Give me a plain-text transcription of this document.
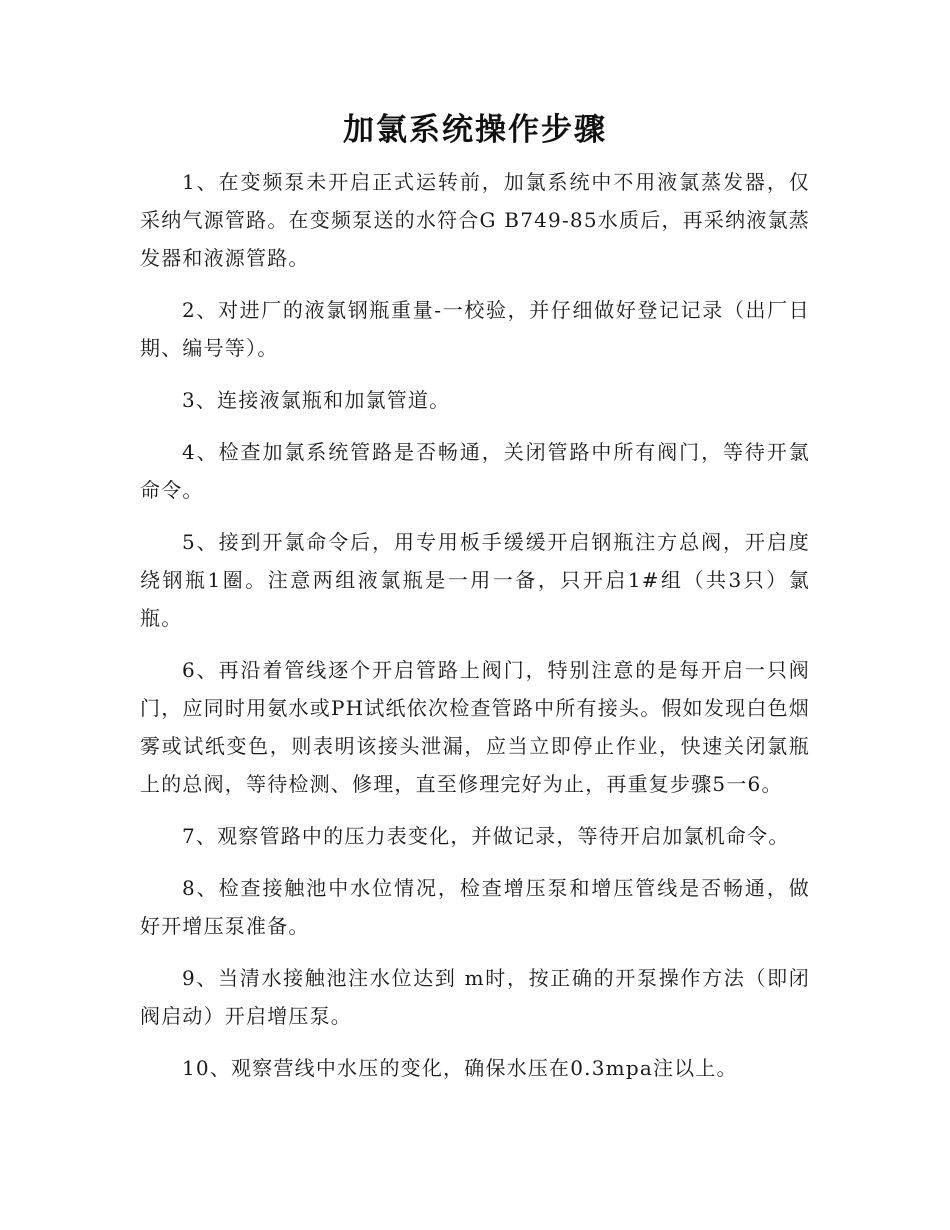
加氯系统操作步骤

1、在变频泵未开启正式运转前，加氯系统中不用液氯蒸发器，仅采纳气源管路。在变频泵送的水符合G B749-85水质后，再采纳液氯蒸发器和液源管路。

2、对进厂的液氯钢瓶重量-一校验，并仔细做好登记记录（出厂日期、编号等）。

3、连接液氯瓶和加氯管道。

4、检查加氯系统管路是否畅通，关闭管路中所有阀门，等待开氯命令。

5、接到开氯命令后，用专用板手缓缓开启钢瓶注方总阀，开启度绕钢瓶1圈。注意两组液氯瓶是一用一备，只开启1#组（共3只）氯瓶。

6、再沿着管线逐个开启管路上阀门，特别注意的是每开启一只阀门，应同时用氨水或PH试纸依次检查管路中所有接头。假如发现白色烟雾或试纸变色，则表明该接头泄漏，应当立即停止作业，快速关闭氯瓶上的总阀，等待检测、修理，直至修理完好为止，再重复步骤5一6。

7、观察管路中的压力表变化，并做记录，等待开启加氯机命令。

8、检查接触池中水位情况，检查增压泵和增压管线是否畅通，做好开增压泵准备。

9、当清水接触池注水位达到 m时，按正确的开泵操作方法（即闭阀启动）开启增压泵。

10、观察营线中水压的变化，确保水压在0.3mpa注以上。
